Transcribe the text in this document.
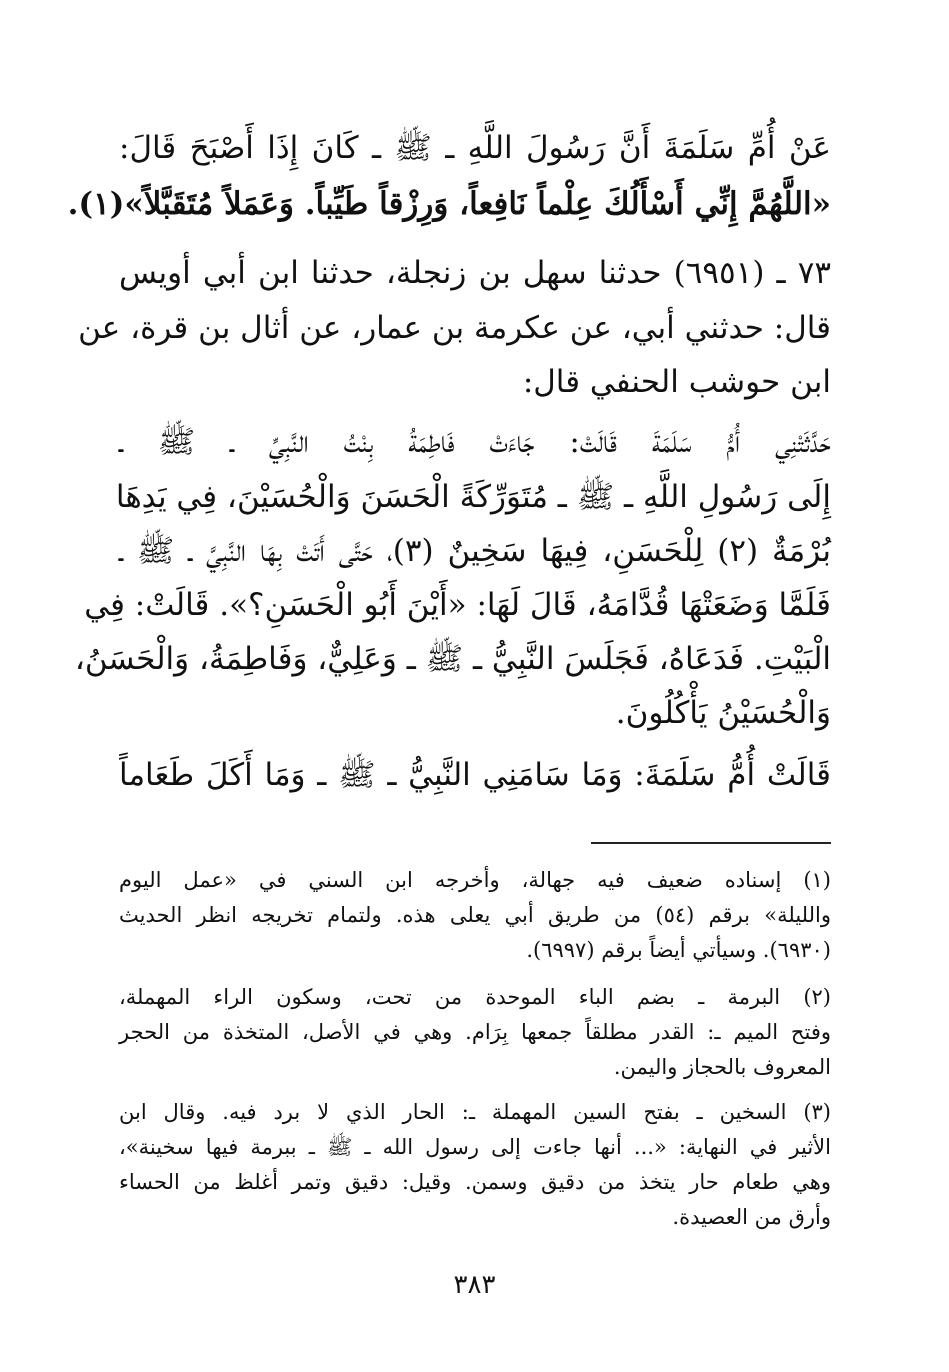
عَنْ أُمِّ سَلَمَةَ أَنَّ رَسُولَ اللَّهِ ـ ﷺ ـ كَانَ إِذَا أَصْبَحَ قَالَ:
«اللَّهُمَّ إِنِّي أَسْأَلُكَ عِلْماً نَافِعاً، وَرِزْقاً طَيِّباً. وَعَمَلاً مُتَقَبَّلاً»(١).
٧٣ ـ (٦٩٥١) حدثنا سهل بن زنجلة، حدثنا ابن أبي أويس
قال: حدثني أبي، عن عكرمة بن عمار، عن أثال بن قرة، عن
ابن حوشب الحنفي قال:
حَدَّثَتْنِي أُمُّ سَلَمَةَ قَالَتْ: جَاءَتْ فَاطِمَةُ بِنْتُ النَّبِيِّ ـ ﷺ ـ
إِلَى رَسُولِ اللَّهِ ـ ﷺ ـ مُتَوَرِّكَةً الْحَسَنَ وَالْحُسَيْنَ، فِي يَدِهَا
بُرْمَةٌ (٢) لِلْحَسَنِ، فِيهَا سَخِينٌ (٣)، حَتَّى أَتَتْ بِهَا النَّبِيَّ ـ ﷺ ـ
فَلَمَّا وَضَعَتْهَا قُدَّامَهُ، قَالَ لَهَا: «أَيْنَ أَبُو الْحَسَنِ؟». قَالَتْ: فِي
الْبَيْتِ. فَدَعَاهُ، فَجَلَسَ النَّبِيُّ ـ ﷺ ـ وَعَلِيٌّ، وَفَاطِمَةُ، وَالْحَسَنُ،
وَالْحُسَيْنُ يَأْكُلُونَ.
قَالَتْ أُمُّ سَلَمَةَ: وَمَا سَامَنِي النَّبِيُّ ـ ﷺ ـ وَمَا أَكَلَ طَعَاماً
(١) إسناده ضعيف فيه جهالة، وأخرجه ابن السني في «عمل اليوم
والليلة» برقم (٥٤) من طريق أبي يعلى هذه. ولتمام تخريجه انظر الحديث
(٦٩٣٠). وسيأتي أيضاً برقم (٦٩٩٧).
(٢) البرمة ـ بضم الباء الموحدة من تحت، وسكون الراء المهملة،
وفتح الميم ـ: القدر مطلقاً جمعها بِرَام. وهي في الأصل، المتخذة من الحجر
المعروف بالحجاز واليمن.
(٣) السخين ـ بفتح السين المهملة ـ: الحار الذي لا برد فيه. وقال ابن
الأثير في النهاية: «... أنها جاءت إلى رسول الله ـ ﷺ ـ ببرمة فيها سخينة»،
وهي طعام حار يتخذ من دقيق وسمن. وقيل: دقيق وتمر أغلظ من الحساء
وأرق من العصيدة.
٣٨٣
